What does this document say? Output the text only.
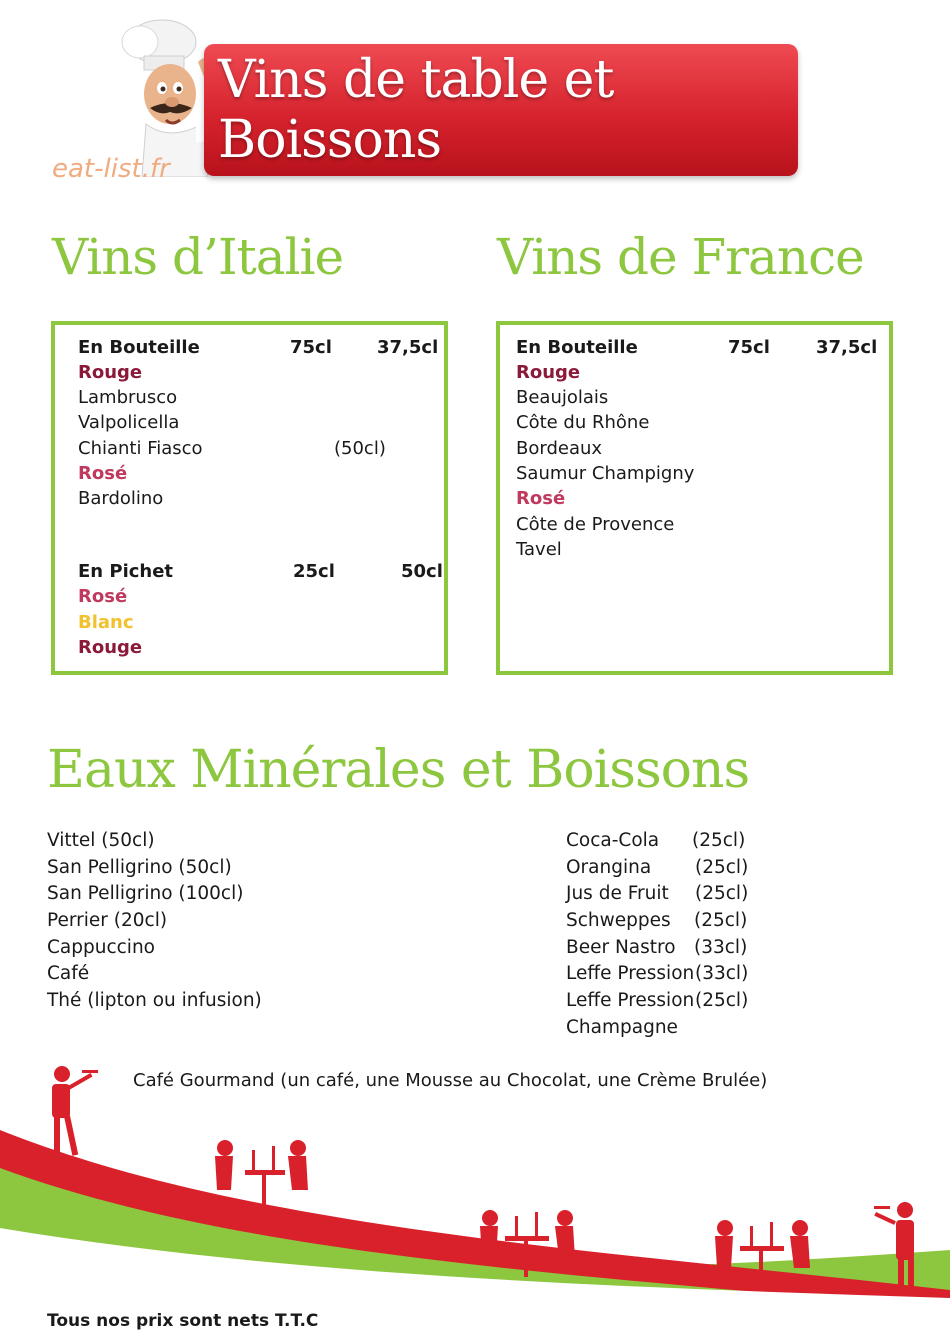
Vins de table et Boissons
eat-list.fr
Vins d’Italie	Vins de France
En Bouteille	75cl	37,5cl
Rouge
Lambrusco
Valpolicella
Chianti Fiasco	(50cl)
Rosé
Bardolino
En Pichet	25cl	50cl
Rosé
Blanc
Rouge
En Bouteille	75cl	37,5cl
Rouge
Beaujolais
Côte du Rhône
Bordeaux
Saumur Champigny
Rosé
Côte de Provence
Tavel
Eaux Minérales et Boissons
Vittel (50cl)
San Pelligrino (50cl)
San Pelligrino (100cl)
Perrier (20cl)
Cappuccino
Café
Thé (lipton ou infusion)
Coca-Cola (25cl)
Orangina (25cl)
Jus de Fruit (25cl)
Schweppes (25cl)
Beer Nastro (33cl)
Leffe Pression (33cl)
Leffe Pression (25cl)
Champagne
Café Gourmand (un café, une Mousse au Chocolat, une Crème Brulée)
Tous nos prix sont nets T.T.C
